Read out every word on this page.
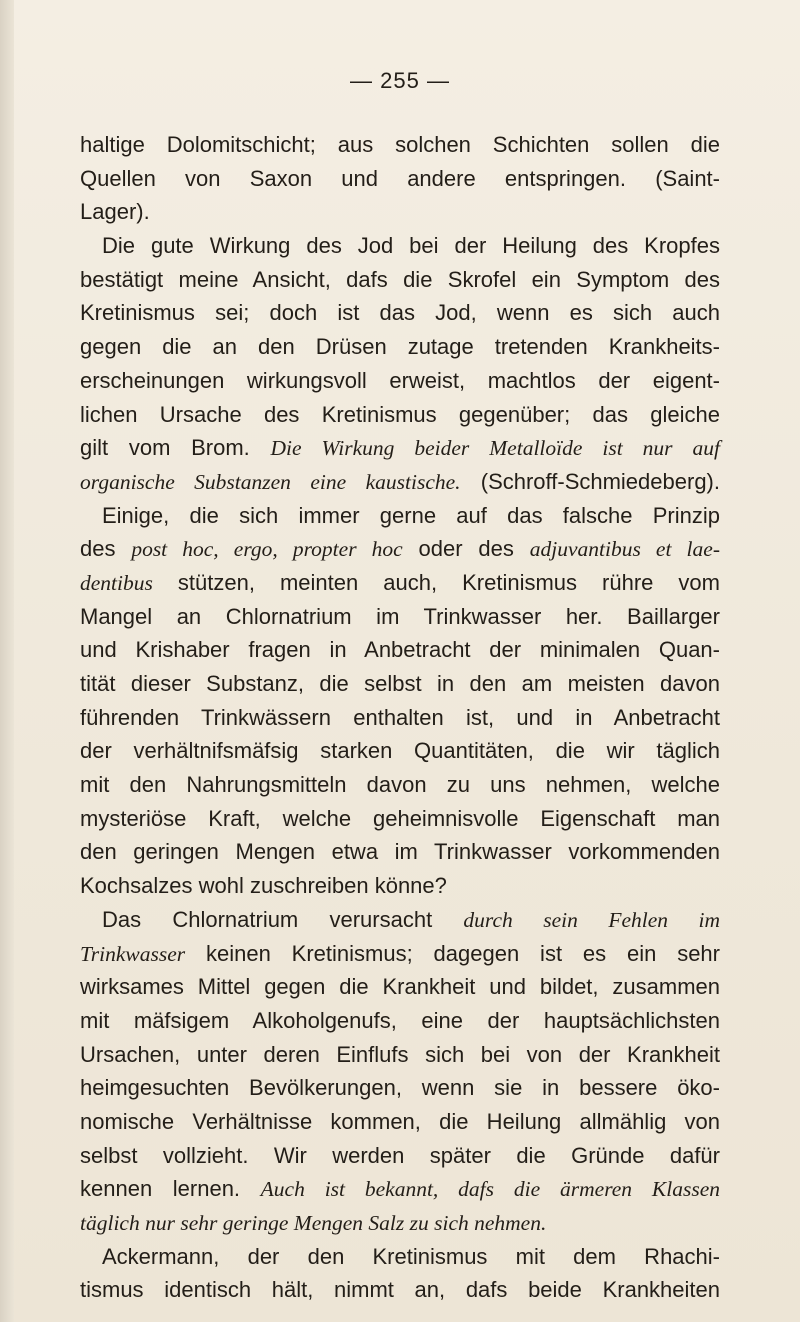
— 255 —
haltige Dolomitschicht; aus solchen Schichten sollen die
Quellen von Saxon und andere entspringen. (Saint-
Lager).
Die gute Wirkung des Jod bei der Heilung des Kropfes
bestätigt meine Ansicht, dafs die Skrofel ein Symptom des
Kretinismus sei; doch ist das Jod, wenn es sich auch
gegen die an den Drüsen zutage tretenden Krankheits-
erscheinungen wirkungsvoll erweist, machtlos der eigent-
lichen Ursache des Kretinismus gegenüber; das gleiche
gilt vom Brom. Die Wirkung beider Metalloïde ist nur auf
organische Substanzen eine kaustische. (Schroff-Schmiedeberg).
Einige, die sich immer gerne auf das falsche Prinzip
des post hoc, ergo, propter hoc oder des adjuvantibus et lae-
dentibus stützen, meinten auch, Kretinismus rühre vom
Mangel an Chlornatrium im Trinkwasser her. Baillarger
und Krishaber fragen in Anbetracht der minimalen Quan-
tität dieser Substanz, die selbst in den am meisten davon
führenden Trinkwässern enthalten ist, und in Anbetracht
der verhältnifsmäfsig starken Quantitäten, die wir täglich
mit den Nahrungsmitteln davon zu uns nehmen, welche
mysteriöse Kraft, welche geheimnisvolle Eigenschaft man
den geringen Mengen etwa im Trinkwasser vorkommenden
Kochsalzes wohl zuschreiben könne?
Das Chlornatrium verursacht durch sein Fehlen im
Trinkwasser keinen Kretinismus; dagegen ist es ein sehr
wirksames Mittel gegen die Krankheit und bildet, zusammen
mit mäfsigem Alkoholgenufs, eine der hauptsächlichsten
Ursachen, unter deren Einflufs sich bei von der Krankheit
heimgesuchten Bevölkerungen, wenn sie in bessere öko-
nomische Verhältnisse kommen, die Heilung allmählig von
selbst vollzieht. Wir werden später die Gründe dafür
kennen lernen. Auch ist bekannt, dafs die ärmeren Klassen
täglich nur sehr geringe Mengen Salz zu sich nehmen.
Ackermann, der den Kretinismus mit dem Rhachi-
tismus identisch hält, nimmt an, dafs beide Krankheiten
